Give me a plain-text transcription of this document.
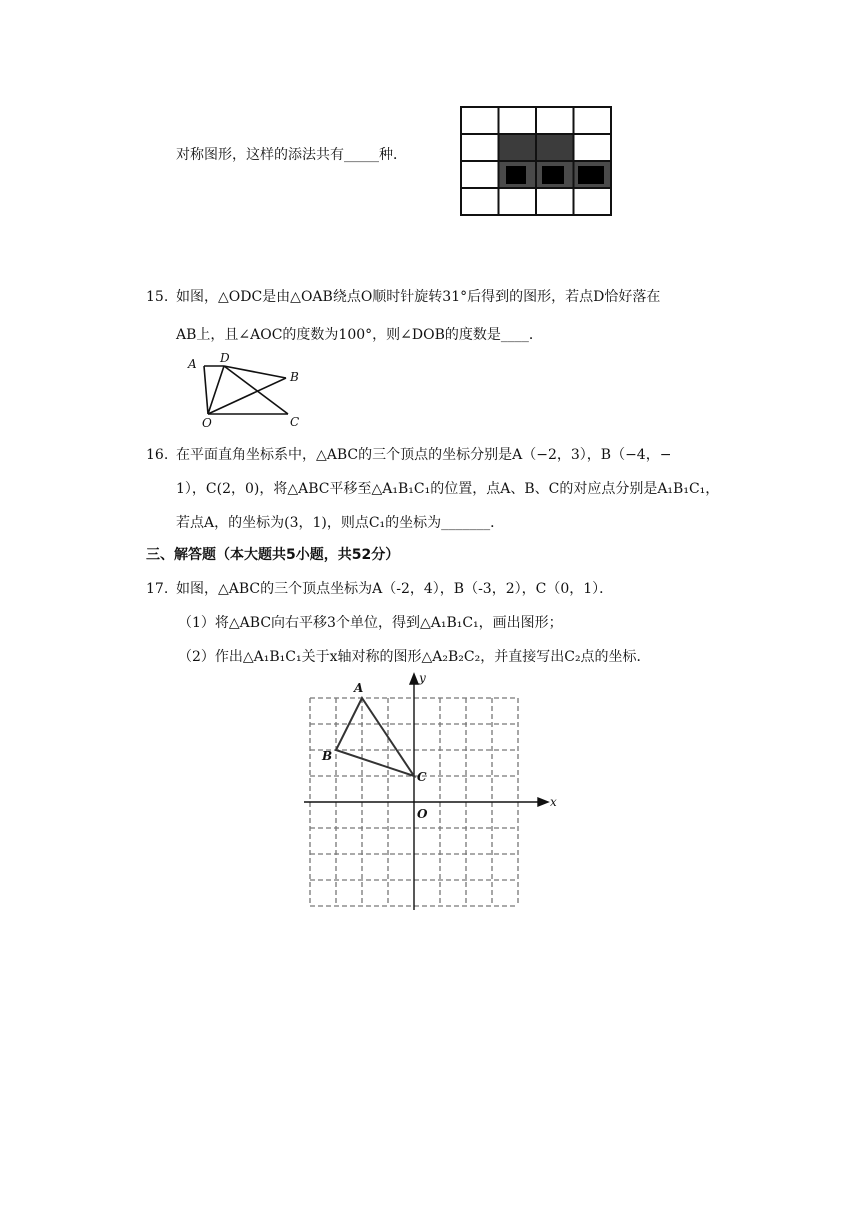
对称图形，这样的添法共有_____种．
15. 如图，△ODC是由△OAB绕点O顺时针旋转31°后得到的图形，若点D恰好落在
AB上，且∠AOC的度数为100°，则∠DOB的度数是____．
A D
B
O	C
16. 在平面直角坐标系中，△ABC的三个顶点的坐标分别是A（−2，3），B（−4，−
1），C(2，0)，将△ABC平移至△A₁B₁C₁的位置，点A、B、C的对应点分别是A₁B₁C₁，
若点A，的坐标为(3，1)，则点C₁的坐标为_______．
三、解答题（本大题共5小题，共52分）
17. 如图，△ABC的三个顶点坐标为A（-2，4），B（-3，2），C（0，1）．
（1）将△ABC向右平移3个单位，得到△A₁B₁C₁，画出图形；
（2）作出△A₁B₁C₁关于x轴对称的图形△A₂B₂C₂，并直接写出C₂点的坐标．
A
B
C
O
x
y
